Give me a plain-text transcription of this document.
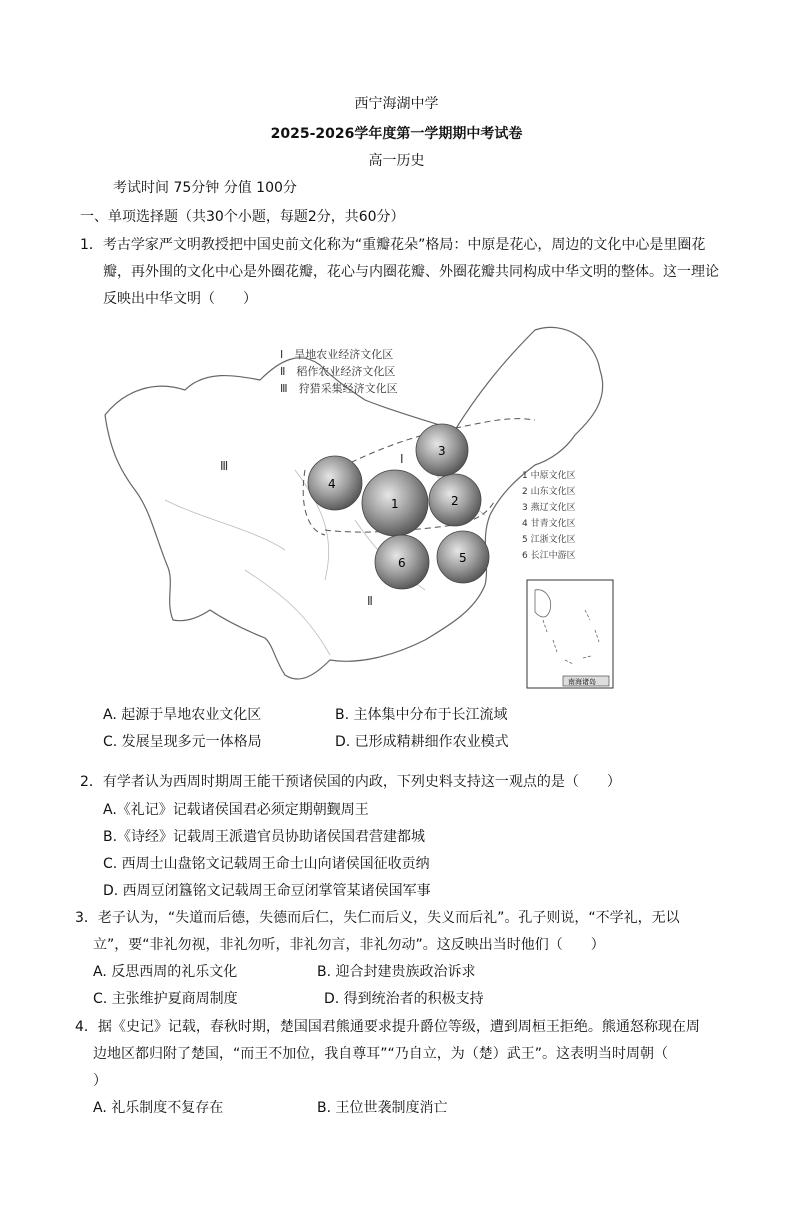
西宁海湖中学
2025-2026学年度第一学期期中考试卷
高一历史
考试时间 75分钟 分值 100分
一、单项选择题（共30个小题，每题2分，共60分）
1．考古学家严文明教授把中国史前文化称为“重瓣花朵”格局：中原是花心，周边的文化中心是里圈花
瓣，再外围的文化中心是外圈花瓣，花心与内圈花瓣、外圈花瓣共同构成中华文明的整体。这一理论
反映出中华文明（　　）
Ⅰ　旱地农业经济文化区
Ⅱ　稻作农业经济文化区
Ⅲ　狩猎采集经济文化区
Ⅰ
Ⅱ
Ⅲ
1	2
3
4
5
6
1 中原文化区
2 山东文化区
3 燕辽文化区
4 甘青文化区
5 江浙文化区
6 长江中游区
南海诸岛
A. 起源于旱地农业文化区	B. 主体集中分布于长江流域
C. 发展呈现多元一体格局	D. 已形成精耕细作农业模式
2．有学者认为西周时期周王能干预诸侯国的内政，下列史料支持这一观点的是（　　）
A.《礼记》记载诸侯国君必须定期朝觐周王
B.《诗经》记载周王派遣官员协助诸侯国君营建都城
C. 西周士山盘铭文记载周王命士山向诸侯国征收贡纳
D. 西周豆闭簋铭文记载周王命豆闭掌管某诸侯国军事
3．老子认为，“失道而后德，失德而后仁，失仁而后义，失义而后礼”。孔子则说，“不学礼，无以
立”，要“非礼勿视，非礼勿听，非礼勿言，非礼勿动”。这反映出当时他们（　　）
A. 反思西周的礼乐文化	B. 迎合封建贵族政治诉求
C. 主张维护夏商周制度	D. 得到统治者的积极支持
4．据《史记》记载，春秋时期，楚国国君熊通要求提升爵位等级，遭到周桓王拒绝。熊通怒称现在周
边地区都归附了楚国，“而王不加位，我自尊耳”“乃自立，为（楚）武王”。这表明当时周朝（
）
A. 礼乐制度不复存在	B. 王位世袭制度消亡
